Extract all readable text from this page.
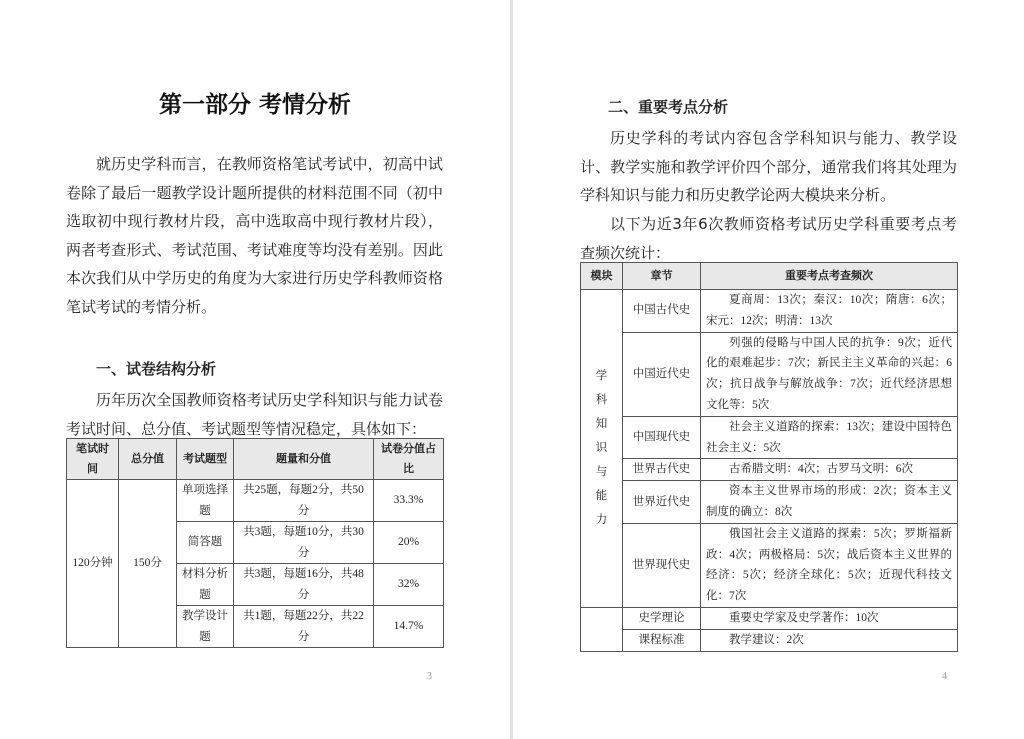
第一部分 考情分析

就历史学科而言，在教师资格笔试考试中，初高中试卷除了最后一题教学设计题所提供的材料范围不同（初中选取初中现行教材片段，高中选取高中现行教材片段），两者考查形式、考试范围、考试难度等均没有差别。因此本次我们从中学历史的角度为大家进行历史学科教师资格笔试考试的考情分析。

一、试卷结构分析

历年历次全国教师资格考试历史学科知识与能力试卷考试时间、总分值、考试题型等情况稳定，具体如下：

笔试时间	总分值	考试题型	题量和分值	试卷分值占比
120分钟	150分	单项选择题	共25题，每题2分，共50分	33.3%
		简答题	共3题，每题10分，共30分	20%
		材料分析题	共3题，每题16分，共48分	32%
		教学设计题	共1题，每题22分，共22分	14.7%
3
二、重要考点分析

历史学科的考试内容包含学科知识与能力、教学设计、教学实施和教学评价四个部分，通常我们将其处理为学科知识与能力和历史教学论两大模块来分析。

以下为近3年6次教师资格考试历史学科重要考点考查频次统计：

4
模块	章节	重要考点考查频次
学科知识与能力	中国古代史	夏商周：13次；秦汉：10次；隋唐：6次；宋元：12次；明清：13次
	中国近代史	列强的侵略与中国人民的抗争：9次；近代化的艰难起步：7次；新民主主义革命的兴起：6次；抗日战争与解放战争：7次；近代经济思想文化等：5次
	中国现代史	社会主义道路的探索：13次；建设中国特色社会主义：5次
	世界古代史	古希腊文明：4次；古罗马文明：6次
	世界近代史	资本主义世界市场的形成：2次；资本主义制度的确立：8次
	世界现代史	俄国社会主义道路的探索：5次；罗斯福新政：4次；两极格局：5次；战后资本主义世界的经济：5次；经济全球化：5次；近现代科技文化：7次
	史学理论	重要史学家及史学著作：10次
	课程标准	教学建议：2次
